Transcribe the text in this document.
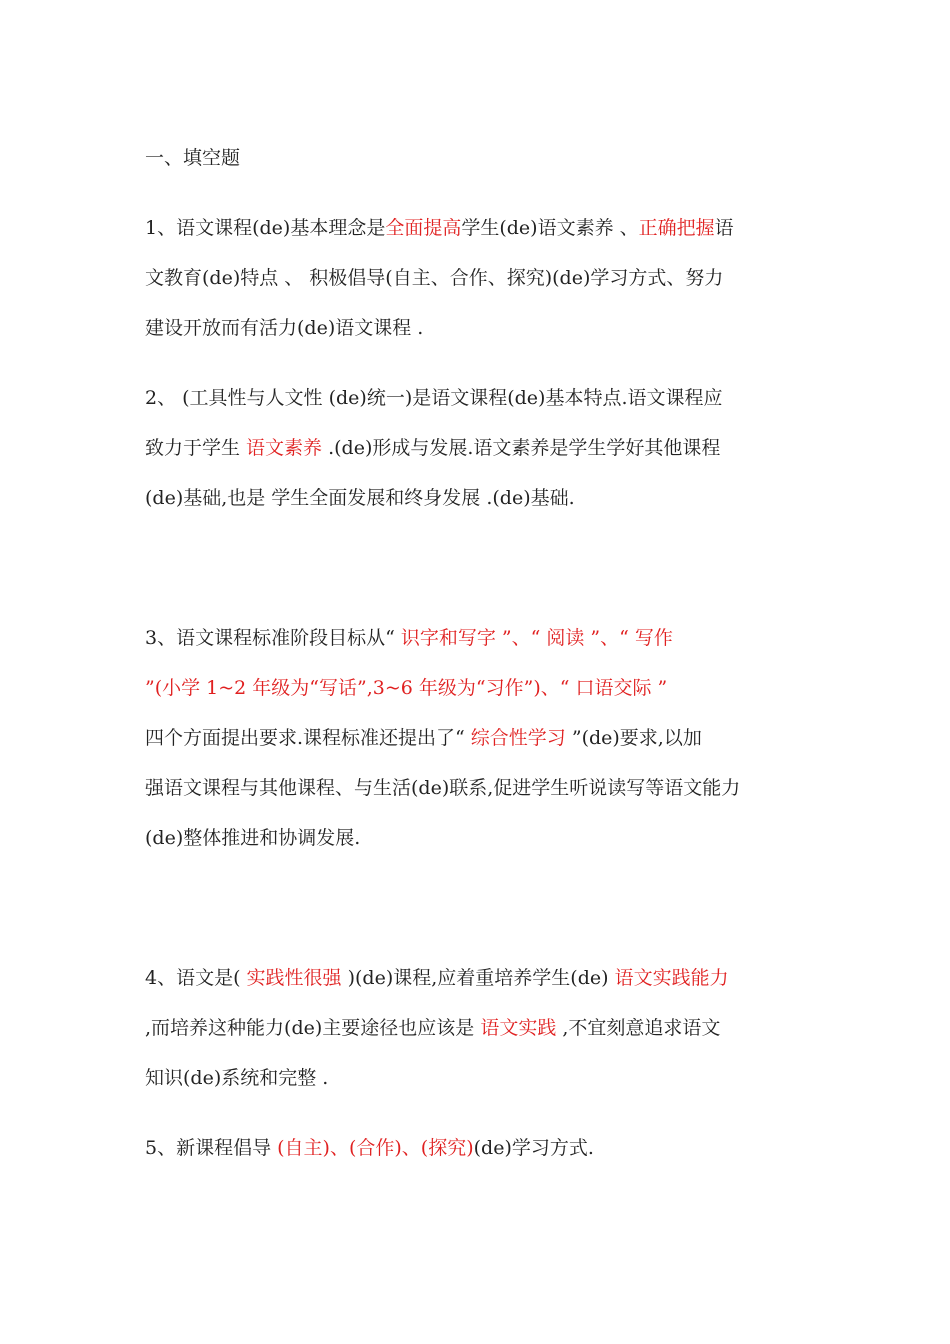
一、填空题
1、语文课程(de)基本理念是全面提高学生(de)语文素养 、正确把握语
文教育(de)特点 、 积极倡导(自主、合作、探究)(de)学习方式、努力
建设开放而有活力(de)语文课程 .
2、 (工具性与人文性 (de)统一)是语文课程(de)基本特点.语文课程应
致力于学生 语文素养 .(de)形成与发展.语文素养是学生学好其他课程
(de)基础,也是 学生全面发展和终身发展 .(de)基础.
3、语文课程标准阶段目标从“ 识字和写字 ”、“ 阅读 ”、“ 写作
”(小学 1~2 年级为“写话”,3~6 年级为“习作”)、“ 口语交际 ”
四个方面提出要求.课程标准还提出了“ 综合性学习 ”(de)要求,以加
强语文课程与其他课程、与生活(de)联系,促进学生听说读写等语文能力
(de)整体推进和协调发展.
4、语文是( 实践性很强 )(de)课程,应着重培养学生(de) 语文实践能力
,而培养这种能力(de)主要途径也应该是 语文实践 ,不宜刻意追求语文
知识(de)系统和完整 .
5、新课程倡导 (自主)、(合作)、(探究)(de)学习方式.
